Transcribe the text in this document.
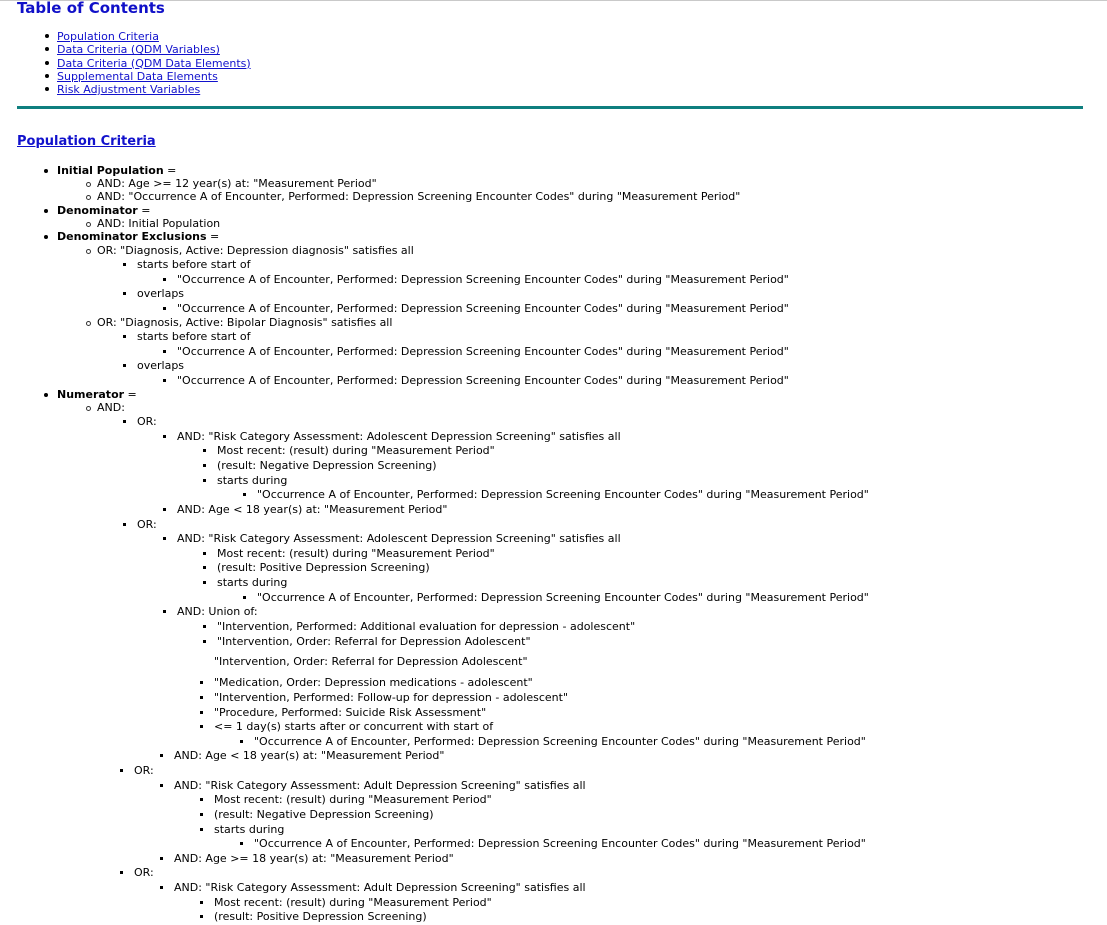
Table of Contents
Population Criteria
Data Criteria (QDM Variables)
Data Criteria (QDM Data Elements)
Supplemental Data Elements
Risk Adjustment Variables
Population Criteria
Initial Population =
AND: Age >= 12 year(s) at: "Measurement Period"
AND: "Occurrence A of Encounter, Performed: Depression Screening Encounter Codes" during "Measurement Period"
Denominator =
AND: Initial Population
Denominator Exclusions =
OR: "Diagnosis, Active: Depression diagnosis" satisfies all
starts before start of
"Occurrence A of Encounter, Performed: Depression Screening Encounter Codes" during "Measurement Period"
overlaps
"Occurrence A of Encounter, Performed: Depression Screening Encounter Codes" during "Measurement Period"
OR: "Diagnosis, Active: Bipolar Diagnosis" satisfies all
starts before start of
"Occurrence A of Encounter, Performed: Depression Screening Encounter Codes" during "Measurement Period"
overlaps
"Occurrence A of Encounter, Performed: Depression Screening Encounter Codes" during "Measurement Period"
Numerator =
AND:
OR:
AND: "Risk Category Assessment: Adolescent Depression Screening" satisfies all
Most recent: (result) during "Measurement Period"
(result: Negative Depression Screening)
starts during
"Occurrence A of Encounter, Performed: Depression Screening Encounter Codes" during "Measurement Period"
AND: Age < 18 year(s) at: "Measurement Period"
OR:
AND: "Risk Category Assessment: Adolescent Depression Screening" satisfies all
Most recent: (result) during "Measurement Period"
(result: Positive Depression Screening)
starts during
"Occurrence A of Encounter, Performed: Depression Screening Encounter Codes" during "Measurement Period"
AND: Union of:
"Intervention, Performed: Additional evaluation for depression - adolescent"
"Intervention, Order: Referral for Depression Adolescent"
"Medication, Order: Depression medications - adolescent"
"Intervention, Performed: Follow-up for depression - adolescent"
"Procedure, Performed: Suicide Risk Assessment"
<= 1 day(s) starts after or concurrent with start of
"Occurrence A of Encounter, Performed: Depression Screening Encounter Codes" during "Measurement Period"
AND: Age < 18 year(s) at: "Measurement Period"
OR:
AND: "Risk Category Assessment: Adult Depression Screening" satisfies all
Most recent: (result) during "Measurement Period"
(result: Negative Depression Screening)
starts during
"Occurrence A of Encounter, Performed: Depression Screening Encounter Codes" during "Measurement Period"
AND: Age >= 18 year(s) at: "Measurement Period"
OR:
AND: "Risk Category Assessment: Adult Depression Screening" satisfies all
Most recent: (result) during "Measurement Period"
(result: Positive Depression Screening)
"Intervention, Order: Referral for Depression Adolescent"
